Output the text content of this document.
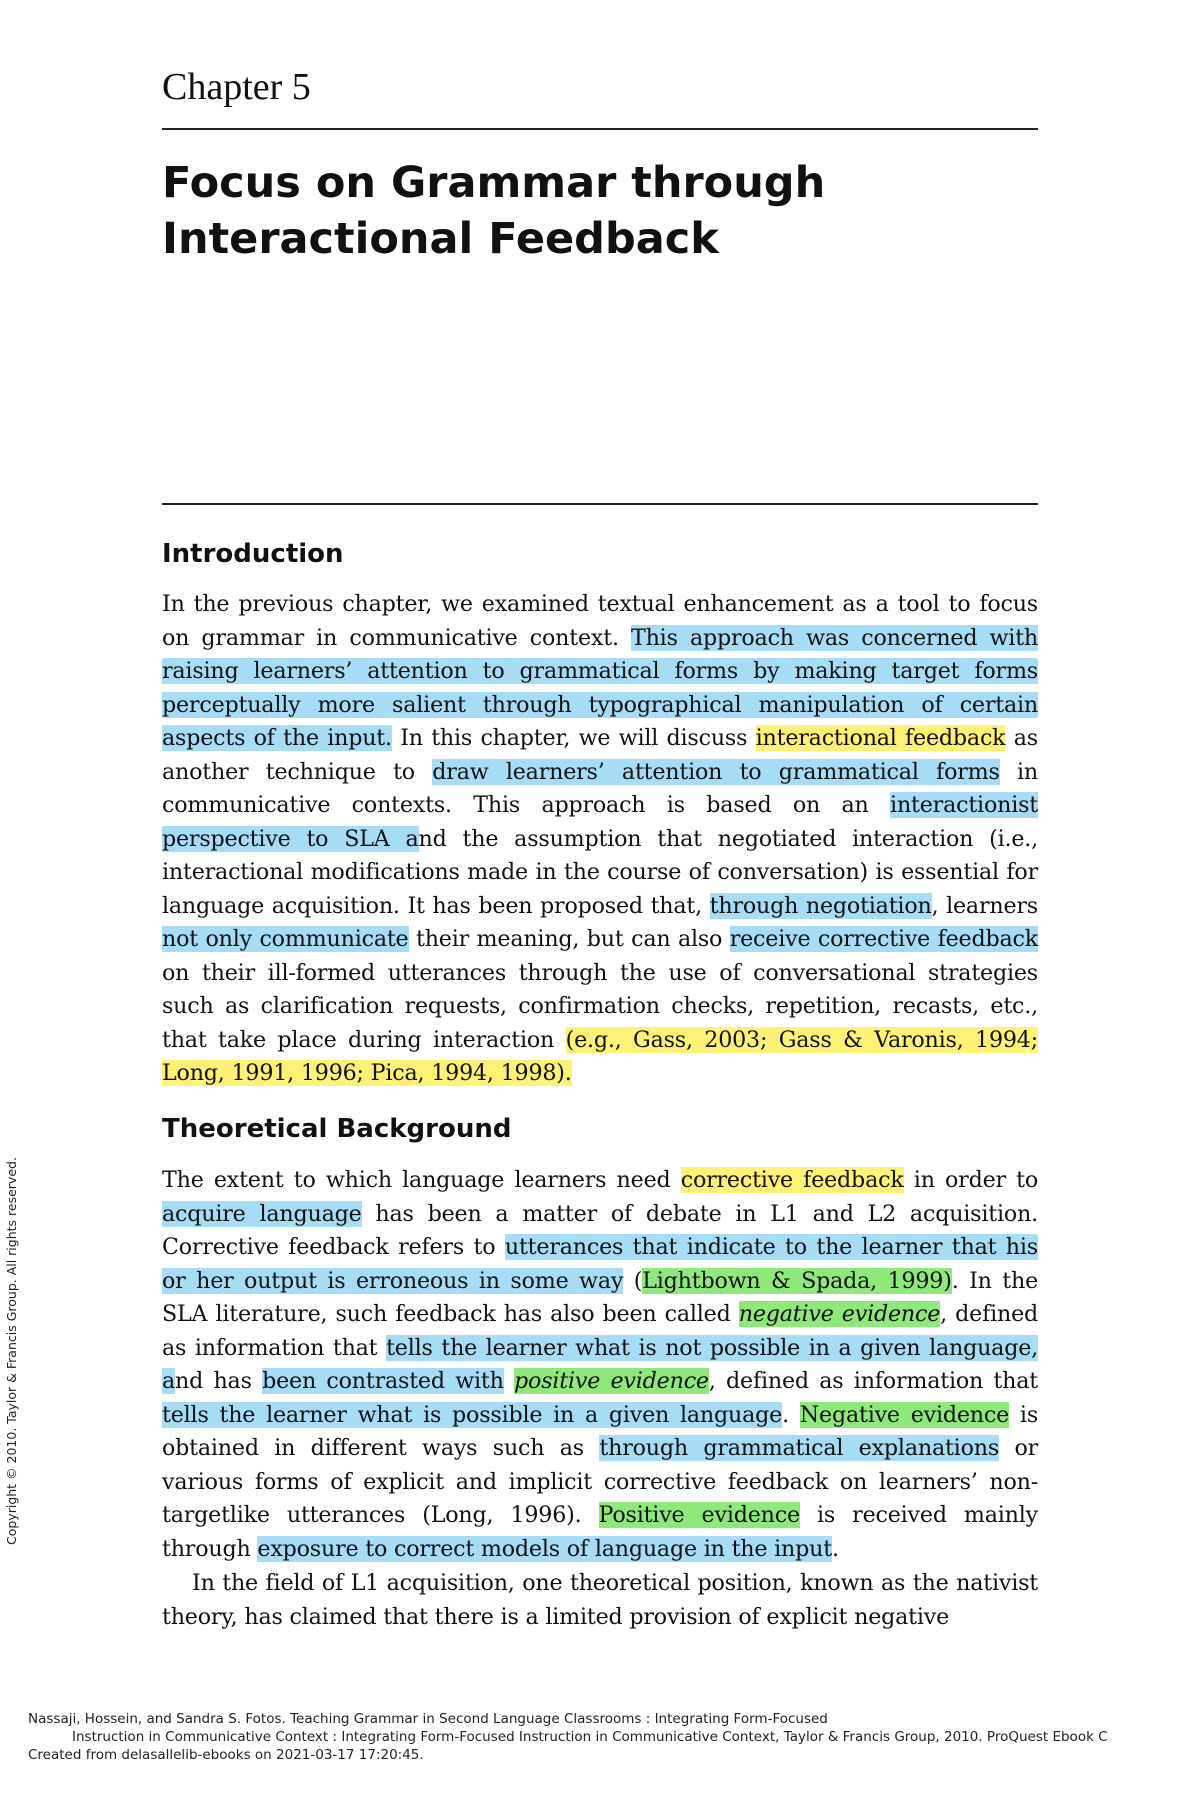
Chapter 5
Focus on Grammar through
Interactional Feedback
Introduction

In the previous chapter, we examined textual enhancement as a tool to focus on grammar in communicative context. This approach was concerned with raising learners’ attention to grammatical forms by making target forms perceptually more salient through typographical manipulation of certain aspects of the input. In this chapter, we will discuss interactional feedback as another technique to draw learners’ attention to grammatical forms in communicative contexts. This approach is based on an interactionist perspective to SLA and the assumption that negotiated interaction (i.e., interactional modifications made in the course of conversation) is essential for language acquisition. It has been proposed that, through negotiation, learners not only communicate their meaning, but can also receive corrective feedback on their ill-formed utterances through the use of conversational strategies such as clarification requests, confirmation checks, repetition, recasts, etc., that take place during interaction (e.g., Gass, 2003; Gass & Varonis, 1994; Long, 1991, 1996; Pica, 1994, 1998).

Theoretical Background

The extent to which language learners need corrective feedback in order to acquire language has been a matter of debate in L1 and L2 acquisition. Corrective feedback refers to utterances that indicate to the learner that his or her output is erroneous in some way (Lightbown & Spada, 1999). In the SLA literature, such feedback has also been called negative evidence, defined as information that tells the learner what is not possible in a given language, and has been contrasted with positive evidence, defined as information that tells the learner what is possible in a given language. Negative evidence is obtained in different ways such as through grammatical explanations or various forms of explicit and implicit corrective feedback on learners’ non-targetlike utterances (Long, 1996). Positive evidence is received mainly through exposure to correct models of language in the input.

In the field of L1 acquisition, one theoretical position, known as the nativist theory, has claimed that there is a limited provision of explicit negative

Copyright © 2010. Taylor & Francis Group. All rights reserved.
Nassaji, Hossein, and Sandra S. Fotos. Teaching Grammar in Second Language Classrooms : Integrating Form-Focused
Instruction in Communicative Context : Integrating Form-Focused Instruction in Communicative Context, Taylor & Francis Group, 2010. ProQuest Ebook C
Created from delasallelib-ebooks on 2021-03-17 17:20:45.
